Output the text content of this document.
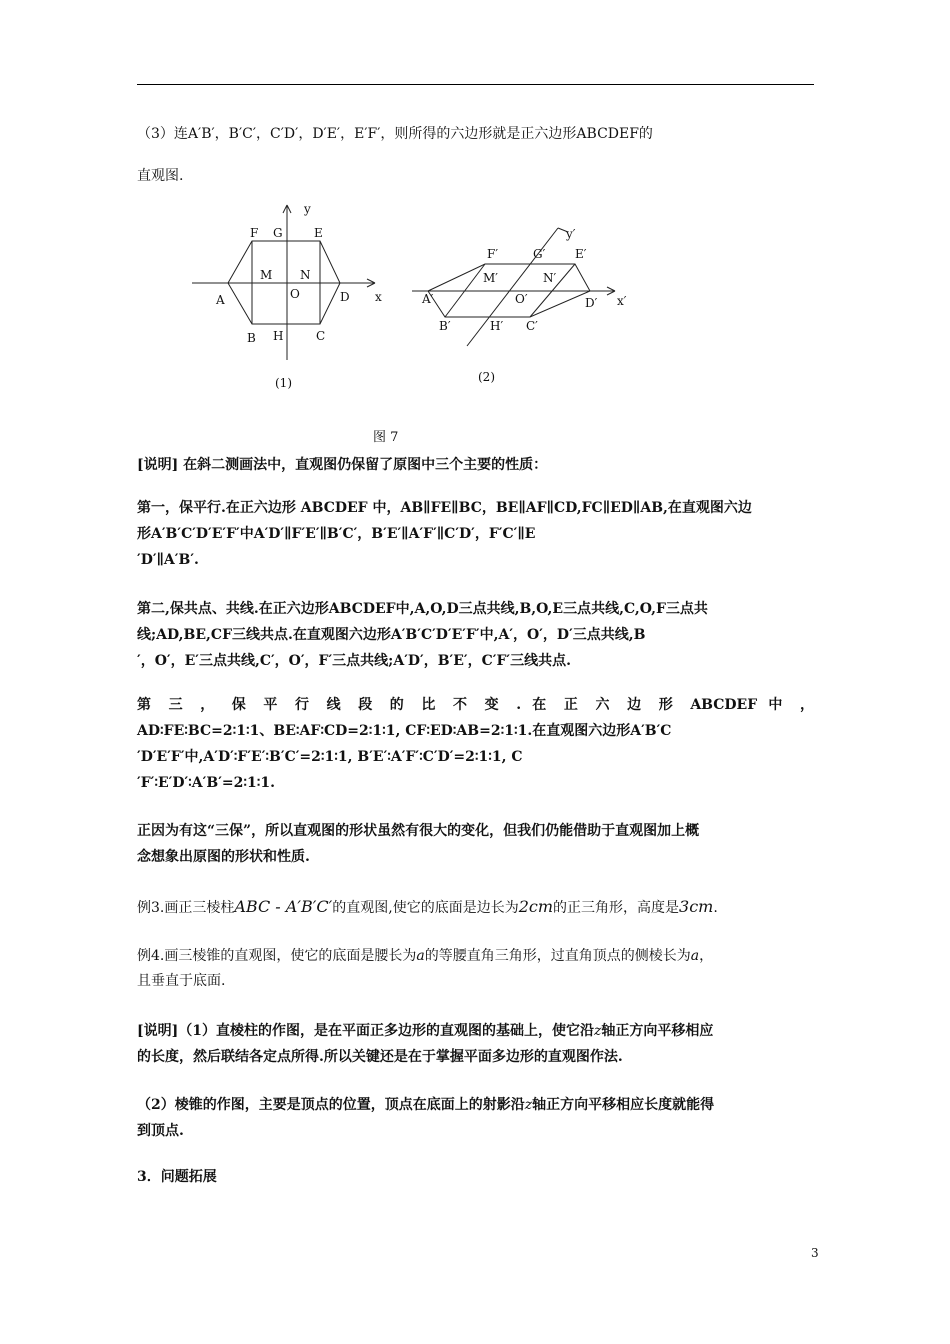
（3）连A′B′，B′C′，C′D′，D′E′，E′F′，则所得的六边形就是正六边形ABCDEF的

直观图.

y
x
F G	E
M N
O
A	D
B H	C
y′
x′
F′	G′ E′
M′	N′
O′
A′	D′
B′	H′ C′
(1)	(2)
图 7

[说明] 在斜二测画法中，直观图仍保留了原图中三个主要的性质：

第一，保平行.在正六边形 ABCDEF 中，AB∥FE∥BC，BE∥AF∥CD,FC∥ED∥AB,在直观图六边

形A′B′C′D′E′F′中A′D′∥F′E′∥B′C′，B′E′∥A′F′∥C′D′，F′C′∥E

′D′∥A′B′.

第二,保共点、共线.在正六边形ABCDEF中,A,O,D三点共线,B,O,E三点共线,C,O,F三点共

线;AD,BE,CF三线共点.在直观图六边形A′B′C′D′E′F′中,A′，O′，D′三点共线,B

′，O′，E′三点共线,C′，O′，F′三点共线;A′D′，B′E′，C′F′三线共点.

第 三 ， 保 平 行 线 段 的 比 不 变 . 在 正 六 边 形 ABCDEF 中 ，

AD∶FE∶BC=2∶1∶1、BE∶AF∶CD=2∶1∶1, CF∶ED∶AB=2∶1∶1.在直观图六边形A′B′C

′D′E′F′中,A′D′∶F′E′∶B′C′=2∶1∶1, B′E′∶A′F′∶C′D′=2∶1∶1, C

′F′∶E′D′∶A′B′=2∶1∶1.

正因为有这“三保”，所以直观图的形状虽然有很大的变化，但我们仍能借助于直观图加上概

念想象出原图的形状和性质.

例3.画正三棱柱ABC - A′B′C′的直观图,使它的底面是边长为2cm的正三角形，高度是3cm.

例4.画三棱锥的直观图，使它的底面是腰长为a的等腰直角三角形，过直角顶点的侧棱长为a，

且垂直于底面.

[说明]（1）直棱柱的作图，是在平面正多边形的直观图的基础上，使它沿z轴正方向平移相应

的长度，然后联结各定点所得.所以关键还是在于掌握平面多边形的直观图作法.

（2）棱锥的作图，主要是顶点的位置，顶点在底面上的射影沿z轴正方向平移相应长度就能得

到顶点.

3．问题拓展

3
